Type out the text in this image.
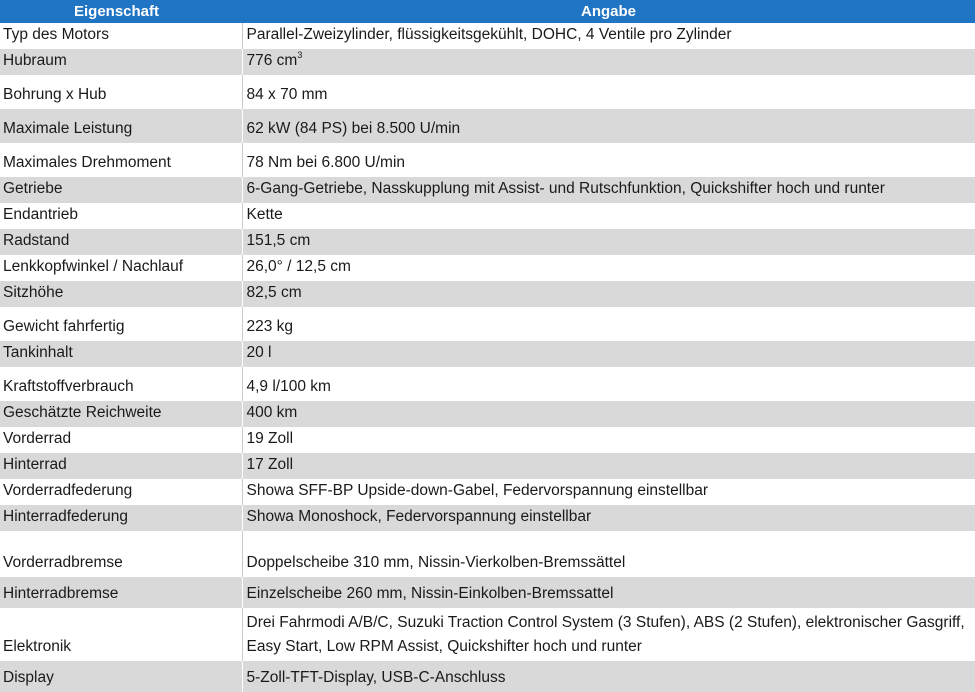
Eigenschaft	Angabe
Typ des Motors	Parallel-Zweizylinder, flüssigkeitsgekühlt, DOHC, 4 Ventile pro Zylinder
Hubraum	776 $cm^3$
Bohrung x Hub	84 x 70 mm
Maximale Leistung	62 kW (84 PS) bei 8.500 U/min
Maximales Drehmoment	78 Nm bei 6.800 U/min
Getriebe	6-Gang-Getriebe, Nasskupplung mit Assist- und Rutschfunktion, Quickshifter hoch und runter
Endantrieb	Kette
Radstand	151,5 cm
Lenkkopfwinkel / Nachlauf	26,0° / 12,5 cm
Sitzhöhe	82,5 cm
Gewicht fahrfertig	223 kg
Tankinhalt	20 l
Kraftstoffverbrauch	4,9 l/100 km
Geschätzte Reichweite	400 km
Vorderrad	19 Zoll
Hinterrad	17 Zoll
Vorderradfederung	Showa SFF-BP Upside-down-Gabel, Federvorspannung einstellbar
Hinterradfederung	Showa Monoshock, Federvorspannung einstellbar
Vorderradbremse	Doppelscheibe 310 mm, Nissin-Vierkolben-Bremssättel
Hinterradbremse	Einzelscheibe 260 mm, Nissin-Einkolben-Bremssattel
Elektronik	Drei Fahrmodi A/B/C, Suzuki Traction Control System (3 Stufen), ABS (2 Stufen), elektronischer Gasgriff, Easy Start, Low RPM Assist, Quickshifter hoch und runter
Display	5-Zoll-TFT-Display, USB-C-Anschluss
